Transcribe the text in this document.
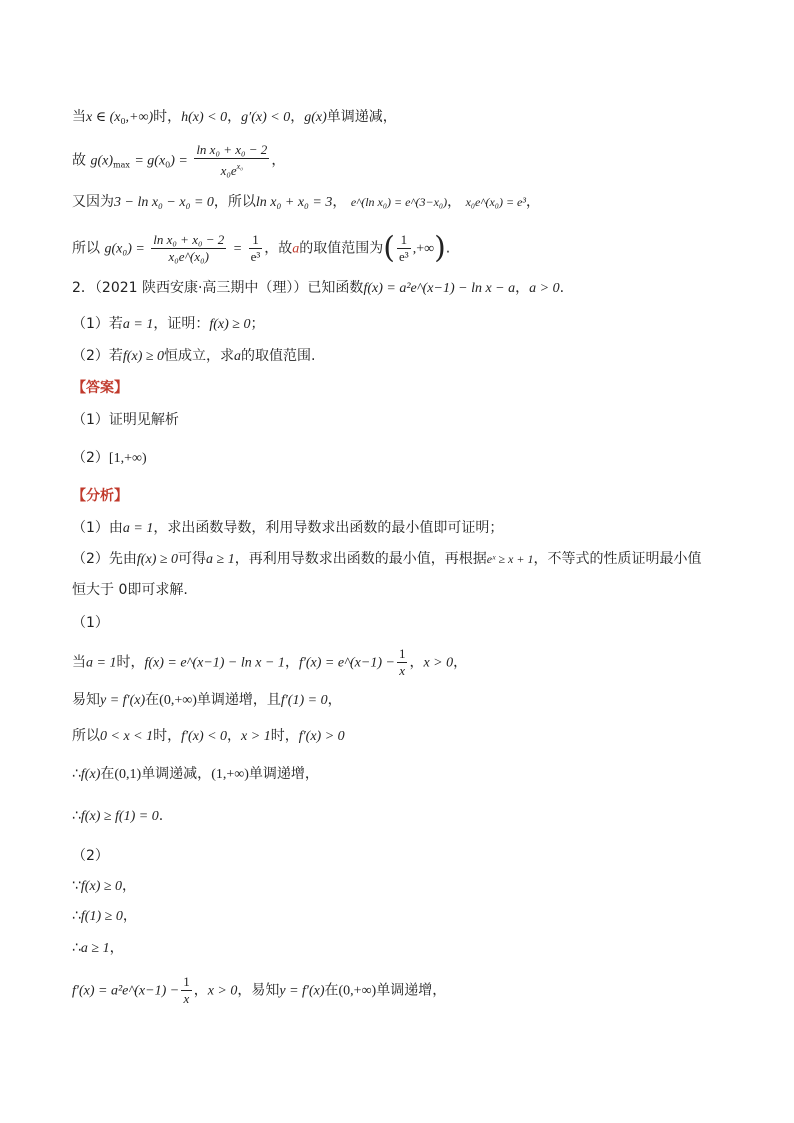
当x ∈ $(x_0,+\infty)$时，h(x) < 0，g′(x) < 0，g(x)单调递减，
故 $g(x)_{max} = g(x_0) = \frac{\text{ln x₀ + x₀ − 2}}{x_0e^{x_0}}$ ，
又因为3 − ln x₀ − x₀ = 0，所以ln x₀ + x₀ = 3， e^(ln x₀) = e^(3−x₀)， x₀e^(x₀) = e³，
所以 $g(x_0) = \frac{\text{ln x₀ + x₀ − 2}}{\text{x₀e\textasciicircum{}(x₀)}} = \frac{1}{\text{e³}}$ ，故a的取值范围为( $\frac{1}{\text{e³}}$ ,+∞).
2．（2021 陕西安康·高三期中（理））已知函数f(x) = a²e^(x−1) − ln x − a，a > 0.
（1）若a = 1，证明：f(x) ≥ 0；
（2）若f(x) ≥ 0恒成立，求a的取值范围.
【答案】
（1）证明见解析
（2）[1,+∞)
【分析】
（1）由a = 1，求出函数导数，利用导数求出函数的最小值即可证明；
（2）先由f(x) ≥ 0可得a ≥ 1，再利用导数求出函数的最小值，再根据eˣ ≥ x + 1，不等式的性质证明最小值
恒大于 0即可求解.
（1）
当a = 1时，f(x) = e^(x−1) − ln x − 1，f′(x) = e^(x−1) − $\frac{1}{x}$ ，x > 0，
易知y = f′(x)在(0,+∞)单调递增，且f′(1) = 0，
所以0 < x < 1时，f′(x) < 0，x > 1时，f′(x) > 0
∴f(x)在(0,1)单调递减，(1,+∞)单调递增，
∴f(x) ≥ f(1) = 0.
（2）
∵f(x) ≥ 0，
∴f(1) ≥ 0，
∴a ≥ 1，
f′(x) = a²e^(x−1) − $\frac{1}{x}$ ，x > 0，易知y = f′(x)在(0,+∞)单调递增，
